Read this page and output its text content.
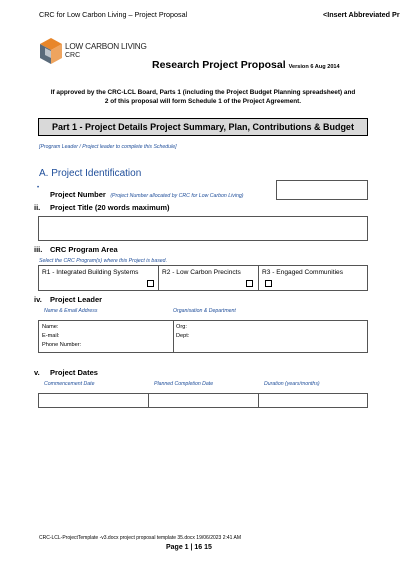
CRC for Low Carbon Living – Project Proposal	<Insert Abbreviated Pr
LOW CARBON LIVING
CRC
Research Project Proposal Version 6 Aug 2014
If approved by the CRC-LCL Board, Parts 1 (including the Project Budget Planning spreadsheet) and
2 of this proposal will form Schedule 1 of the Project Agreement.
Part 1 - Project Details Project Summary, Plan, Contributions & Budget
[Program Leader / Project leader to complete this Schedule]
A. Project Identification
•
Project Number (Project Number allocated by CRC for Low Carbon Living)
ii. Project Title (20 words maximum)
iii. CRC Program Area
Select the CRC Program(s) where this Project is based.
R1 - Integrated Building Systems	R2 - Low Carbon Precincts	R3 - Engaged Communities
iv. Project Leader
Name & Email Address	Organisation & Department
Name:
E-mail:
Phone Number:
Org:
Dept:
v. Project Dates
Commencement Date	Planned Completion Date	Duration (years/months)
CRC-LCL-ProjectTemplate -v3.docx project proposal template 35.docx 19/06/2023 2:41 AM
Page 1 | 16 15
